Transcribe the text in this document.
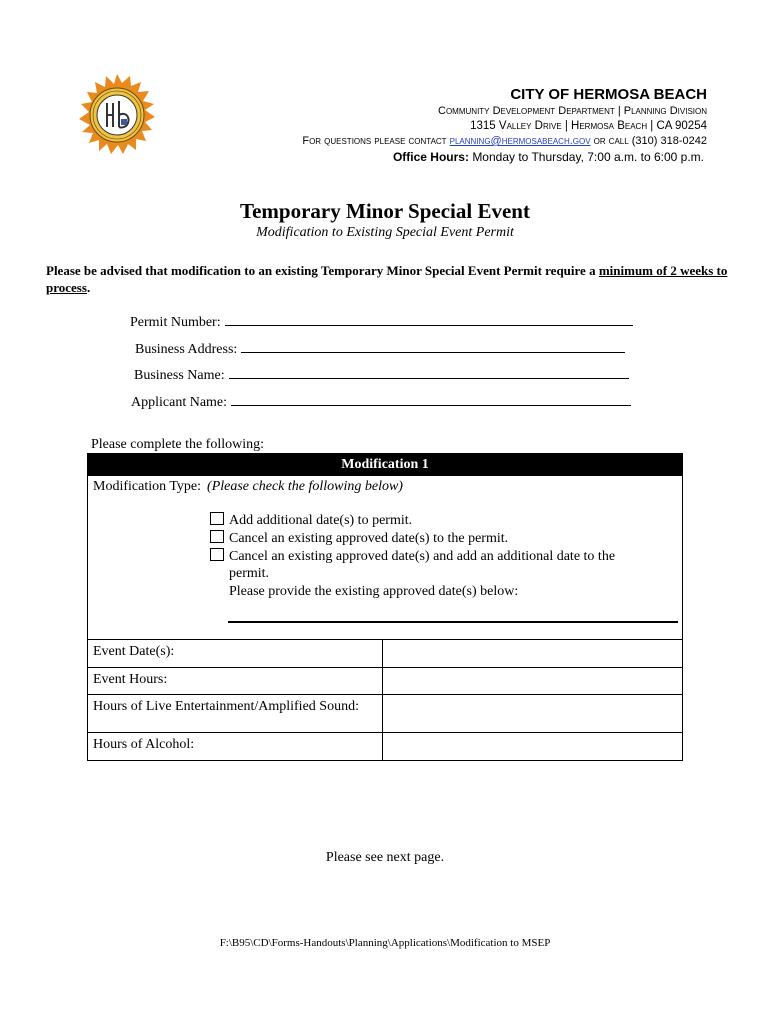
CITY OF HERMOSA BEACH
Community Development Department | Planning Division
1315 Valley Drive | Hermosa Beach | CA 90254
For questions please contact planning@hermosabeach.gov or call (310) 318-0242
Office Hours: Monday to Thursday, 7:00 a.m. to 6:00 p.m.
Temporary Minor Special Event
Modification to Existing Special Event Permit
Please be advised that modification to an existing Temporary Minor Special Event Permit require a minimum of 2 weeks to process.
Permit Number:
Business Address:
Business Name:
Applicant Name:
Please complete the following:
Modification 1
Modification Type: (Please check the following below)
Add additional date(s) to permit.
Cancel an existing approved date(s) to the permit.
Cancel an existing approved date(s) and add an additional date to the
permit.
Please provide the existing approved date(s) below:
Event Date(s):
Event Hours:
Hours of Live Entertainment/Amplified Sound:
Hours of Alcohol:
Please see next page.
F:\B95\CD\Forms-Handouts\Planning\Applications\Modification to MSEP
